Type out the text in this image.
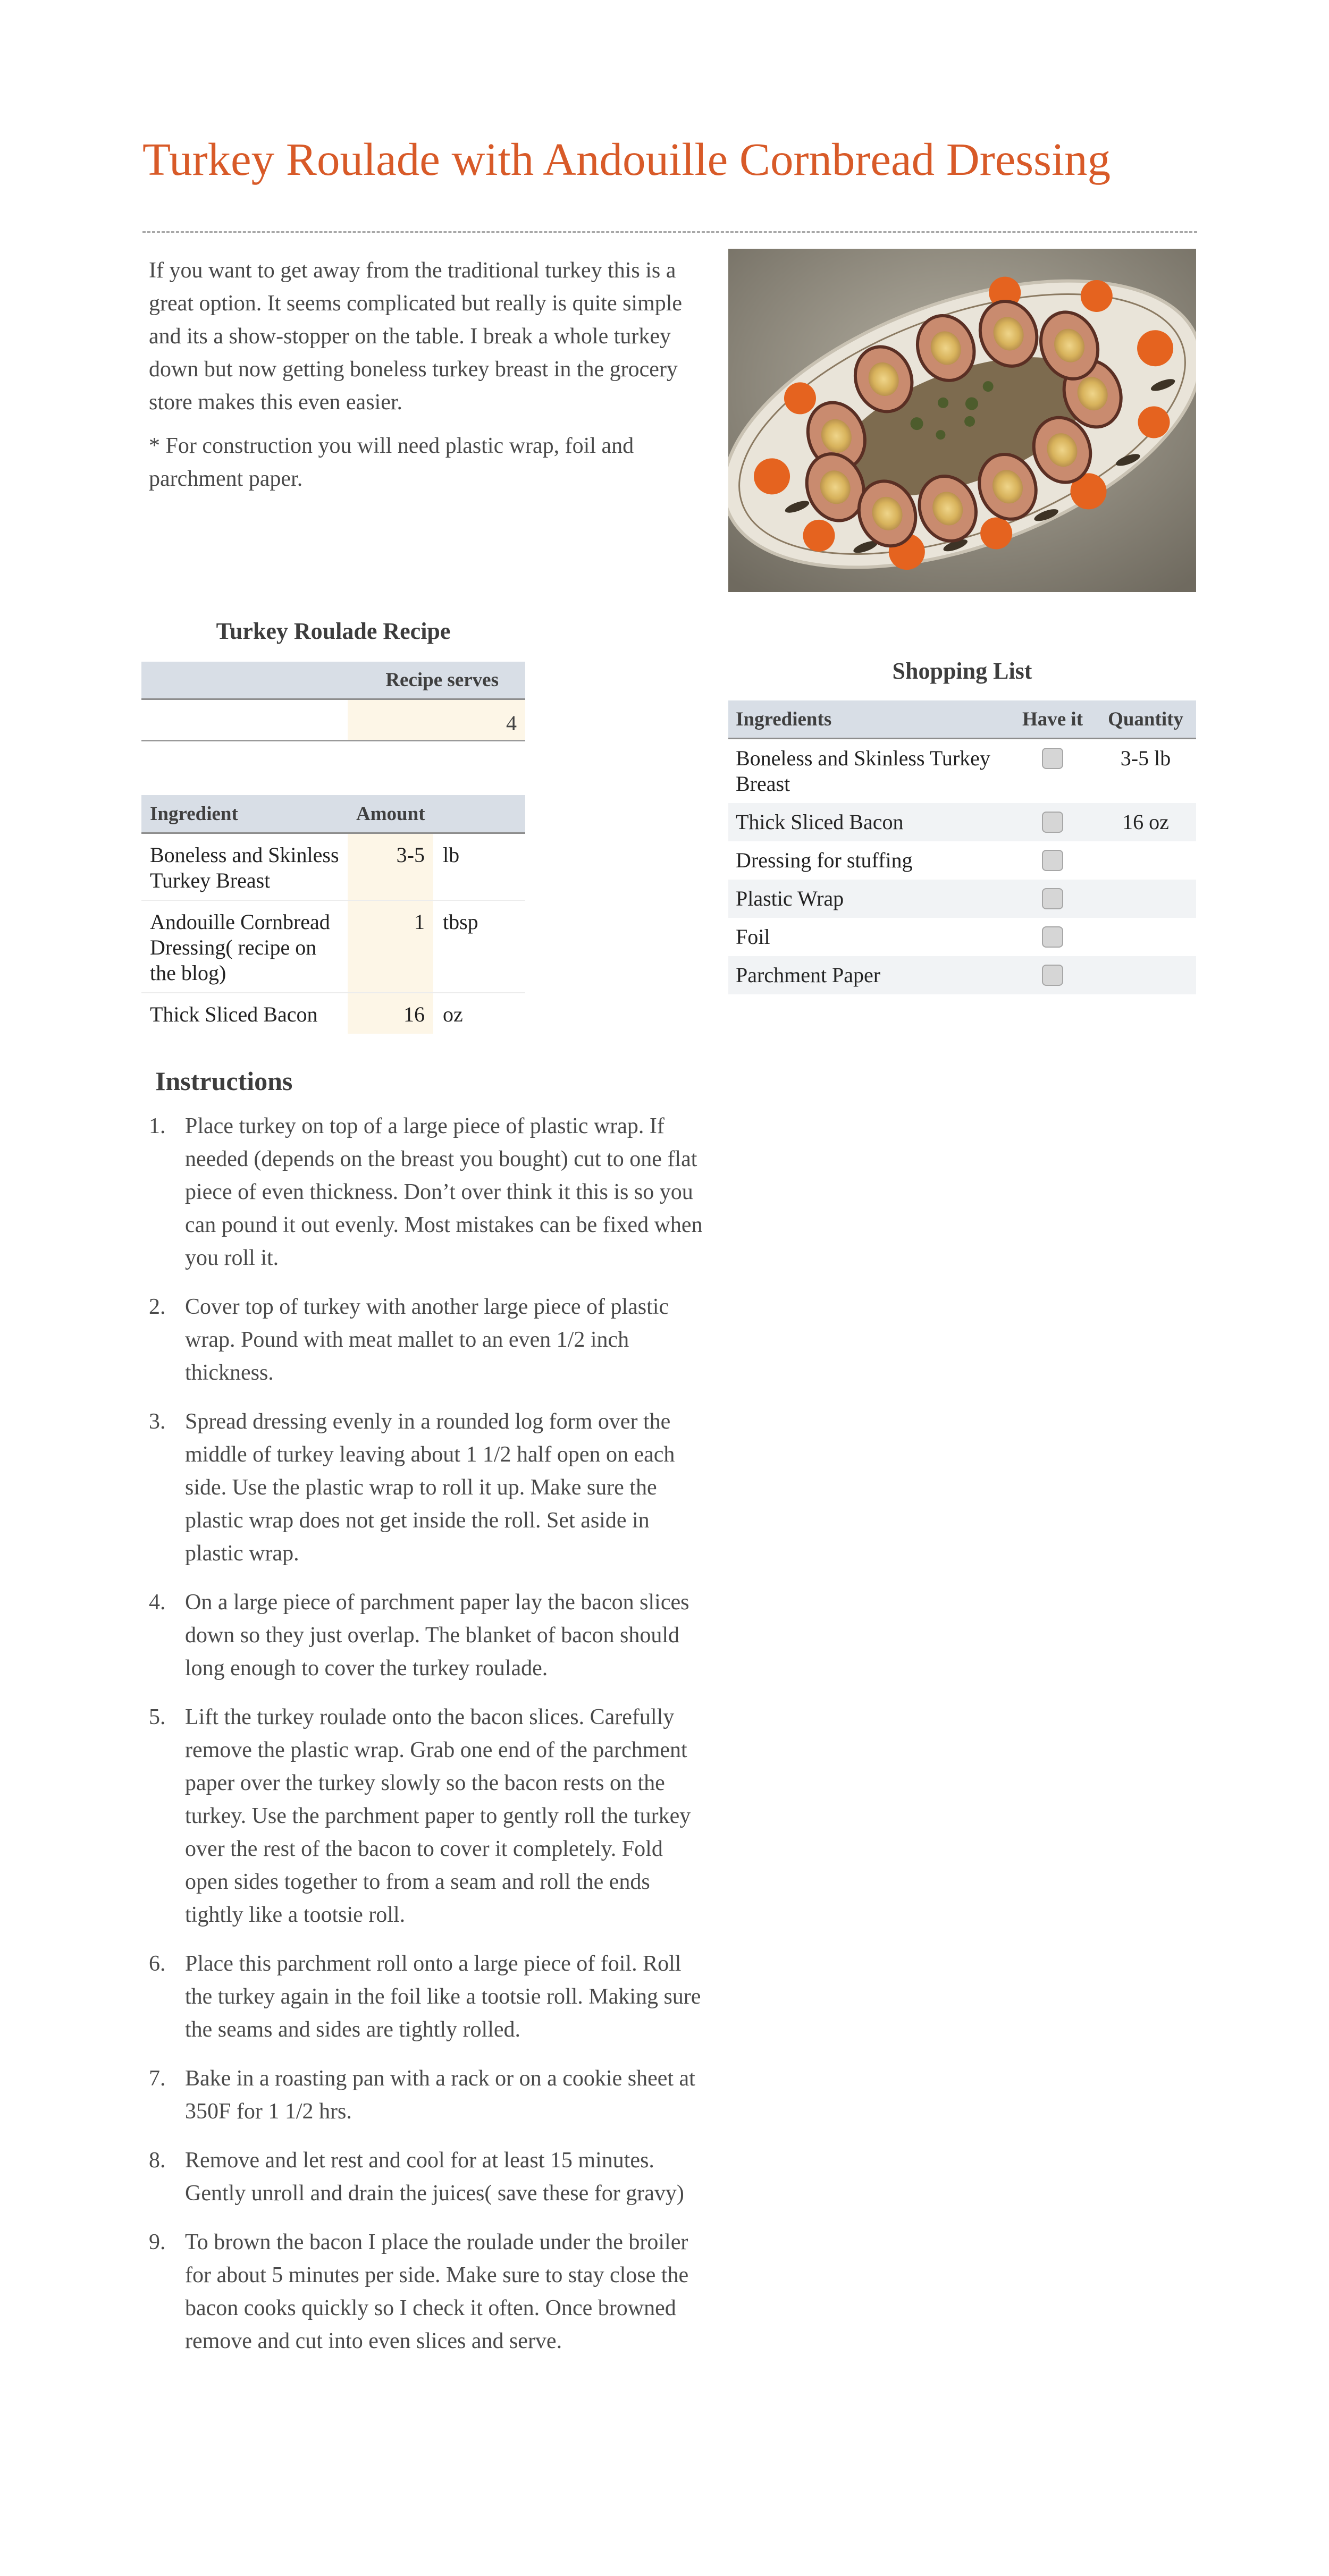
Turkey Roulade with Andouille Cornbread Dressing

If you want to get away from the traditional turkey this is a great option. It seems complicated but really is quite simple and its a show-stopper on the table. I break a whole turkey down but now getting boneless turkey breast in the grocery store makes this even easier.

* For construction you will need plastic wrap, foil and parchment paper.

Turkey Roulade Recipe
Recipe serves
4
Ingredient	Amount	
Boneless and Skinless Turkey Breast	3-5	lb
Andouille Cornbread Dressing( recipe on the blog)	1	tbsp
Thick Sliced Bacon	16	oz
Shopping List
Ingredients	Have it	Quantity
Boneless and Skinless Turkey Breast		3-5 lb
Thick Sliced Bacon		16 oz
Dressing for stuffing		
Plastic Wrap		
Foil		
Parchment Paper		
Instructions
1. Place turkey on top of a large piece of plastic wrap. If needed (depends on the breast you bought) cut to one flat piece of even thickness. Don’t over think it this is so you can pound it out evenly. Most mistakes can be fixed when you roll it.
2. Cover top of turkey with another large piece of plastic wrap. Pound with meat mallet to an even 1/2 inch thickness.
3. Spread dressing evenly in a rounded log form over the middle of turkey leaving about 1 1/2 half open on each side. Use the plastic wrap to roll it up. Make sure the plastic wrap does not get inside the roll. Set aside in plastic wrap.
4. On a large piece of parchment paper lay the bacon slices down so they just overlap. The blanket of bacon should long enough to cover the turkey roulade.
5. Lift the turkey roulade onto the bacon slices. Carefully remove the plastic wrap. Grab one end of the parchment paper over the turkey slowly so the bacon rests on the turkey. Use the parchment paper to gently roll the turkey over the rest of the bacon to cover it completely. Fold open sides together to from a seam and roll the ends tightly like a tootsie roll.
6. Place this parchment roll onto a large piece of foil. Roll the turkey again in the foil like a tootsie roll. Making sure the seams and sides are tightly rolled.
7. Bake in a roasting pan with a rack or on a cookie sheet at 350F for 1 1/2 hrs.
8. Remove and let rest and cool for at least 15 minutes. Gently unroll and drain the juices( save these for gravy)
9. To brown the bacon I place the roulade under the broiler for about 5 minutes per side. Make sure to stay close the bacon cooks quickly so I check it often. Once browned remove and cut into even slices and serve.
